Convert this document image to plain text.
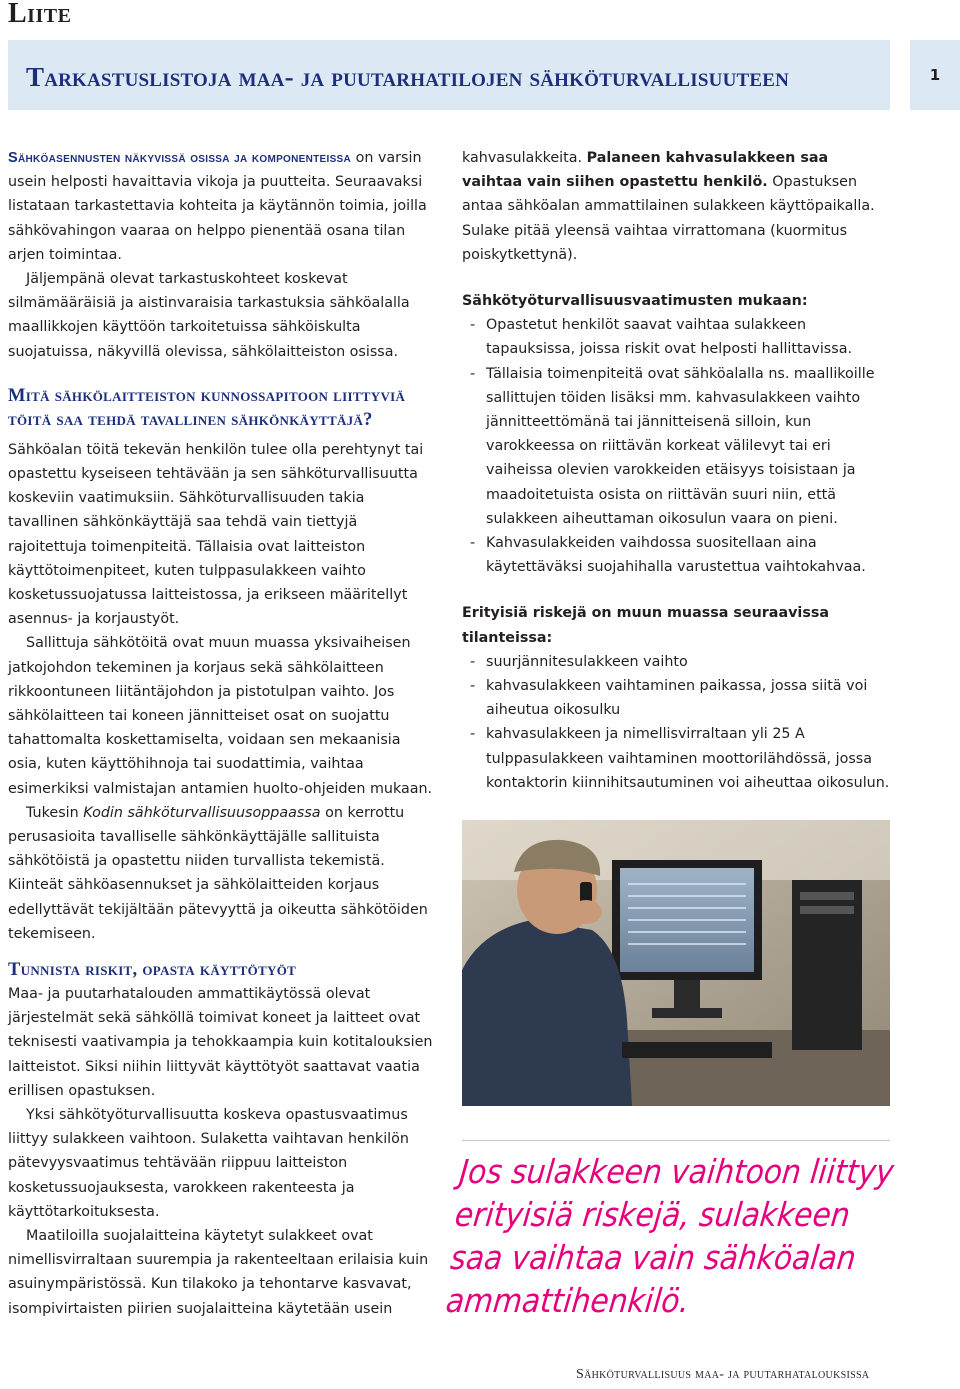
Liite
Tarkastuslistoja maa- ja puutarhatilojen sähköturvallisuuteen	1

Sähköasennusten näkyvissä osissa ja komponenteissa on varsin usein helposti havaittavia vikoja ja puutteita. Seuraavaksi listataan tarkastettavia kohteita ja käytännön toimia, joilla sähkövahingon vaaraa on helppo pienentää osana tilan arjen toimintaa.

Jäljempänä olevat tarkastuskohteet koskevat silmämääräisiä ja aistinvaraisia tarkastuksia sähköalalla maallikkojen käyttöön tarkoitetuissa sähköiskulta suojatuissa, näkyvillä olevissa, sähkölaitteiston osissa.

Mitä sähkölaitteiston kunnossapitoon liittyviä töitä saa tehdä tavallinen sähkönkäyttäjä?

Sähköalan töitä tekevän henkilön tulee olla perehtynyt tai opastettu kyseiseen tehtävään ja sen sähköturvallisuutta koskeviin vaatimuksiin. Sähköturvallisuuden takia tavallinen sähkönkäyttäjä saa tehdä vain tiettyjä rajoitettuja toimenpiteitä. Tällaisia ovat laitteiston käyttötoimenpiteet, kuten tulppasulakkeen vaihto kosketussuojatussa laitteistossa, ja erikseen määritellyt asennus- ja korjaustyöt.

Sallittuja sähkötöitä ovat muun muassa yksivaiheisen jatkojohdon tekeminen ja korjaus sekä sähkölaitteen rikkoontuneen liitäntäjohdon ja pistotulpan vaihto. Jos sähkölaitteen tai koneen jännitteiset osat on suojattu tahattomalta koskettamiselta, voidaan sen mekaanisia osia, kuten käyttöhihnoja tai suodattimia, vaihtaa esimerkiksi valmistajan antamien huolto-ohjeiden mukaan.

Tukesin Kodin sähköturvallisuusoppaassa on kerrottu perusasioita tavalliselle sähkönkäyttäjälle sallituista sähkötöistä ja opastettu niiden turvallista tekemistä. Kiinteät sähköasennukset ja sähkölaitteiden korjaus edellyttävät tekijältään pätevyyttä ja oikeutta sähkötöiden tekemiseen.

Tunnista riskit, opasta käyttötyöt

Maa- ja puutarhatalouden ammattikäytössä olevat järjestelmät sekä sähköllä toimivat koneet ja laitteet ovat teknisesti vaativampia ja tehokkaampia kuin kotitalouksien laitteistot. Siksi niihin liittyvät käyttötyöt saattavat vaatia erillisen opastuksen.

Yksi sähkötyöturvallisuutta koskeva opastusvaatimus liittyy sulakkeen vaihtoon. Sulaketta vaihtavan henkilön pätevyysvaatimus tehtävään riippuu laitteiston kosketussuojauksesta, varokkeen rakenteesta ja käyttötarkoituksesta.

Maatiloilla suojalaitteina käytetyt sulakkeet ovat nimellisvirraltaan suurempia ja rakenteeltaan erilaisia kuin asuinympäristössä. Kun tilakoko ja tehontarve kasvavat, isompivirtaisten piirien suojalaitteina käytetään usein

kahvasulakkeita. Palaneen kahvasulakkeen saa vaihtaa vain siihen opastettu henkilö. Opastuksen antaa sähköalan ammattilainen sulakkeen käyttöpaikalla. Sulake pitää yleensä vaihtaa virrattomana (kuormitus poiskytkettynä).

Sähkötyöturvallisuusvaatimusten mukaan:
- Opastetut henkilöt saavat vaihtaa sulakkeen tapauksissa, joissa riskit ovat helposti hallittavissa.
- Tällaisia toimenpiteitä ovat sähköalalla ns. maallikoille sallittujen töiden lisäksi mm. kahvasulakkeen vaihto jännitteettömänä tai jännitteisenä silloin, kun varokkeessa on riittävän korkeat välilevyt tai eri vaiheissa olevien varokkeiden etäisyys toisistaan ja maadoitetuista osista on riittävän suuri niin, että sulakkeen aiheuttaman oikosulun vaara on pieni.
- Kahvasulakkeiden vaihdossa suositellaan aina käytettäväksi suojahihalla varustettua vaihtokahvaa.
Erityisiä riskejä on muun muassa seuraavissa tilanteissa:
- suurjännitesulakkeen vaihto
- kahvasulakkeen vaihtaminen paikassa, jossa siitä voi aiheutua oikosulku
- kahvasulakkeen ja nimellisvirraltaan yli 25 A tulppasulakkeen vaihtaminen moottorilähdössä, jossa kontaktorin kiinnihitsautuminen voi aiheuttaa oikosulun.
Jos sulakkeen vaihtoon liittyy erityisiä riskejä, sulakkeen saa vaihtaa vain sähköalan ammattihenkilö.
Sähköturvallisuus maa- ja puutarhatalouksissa
